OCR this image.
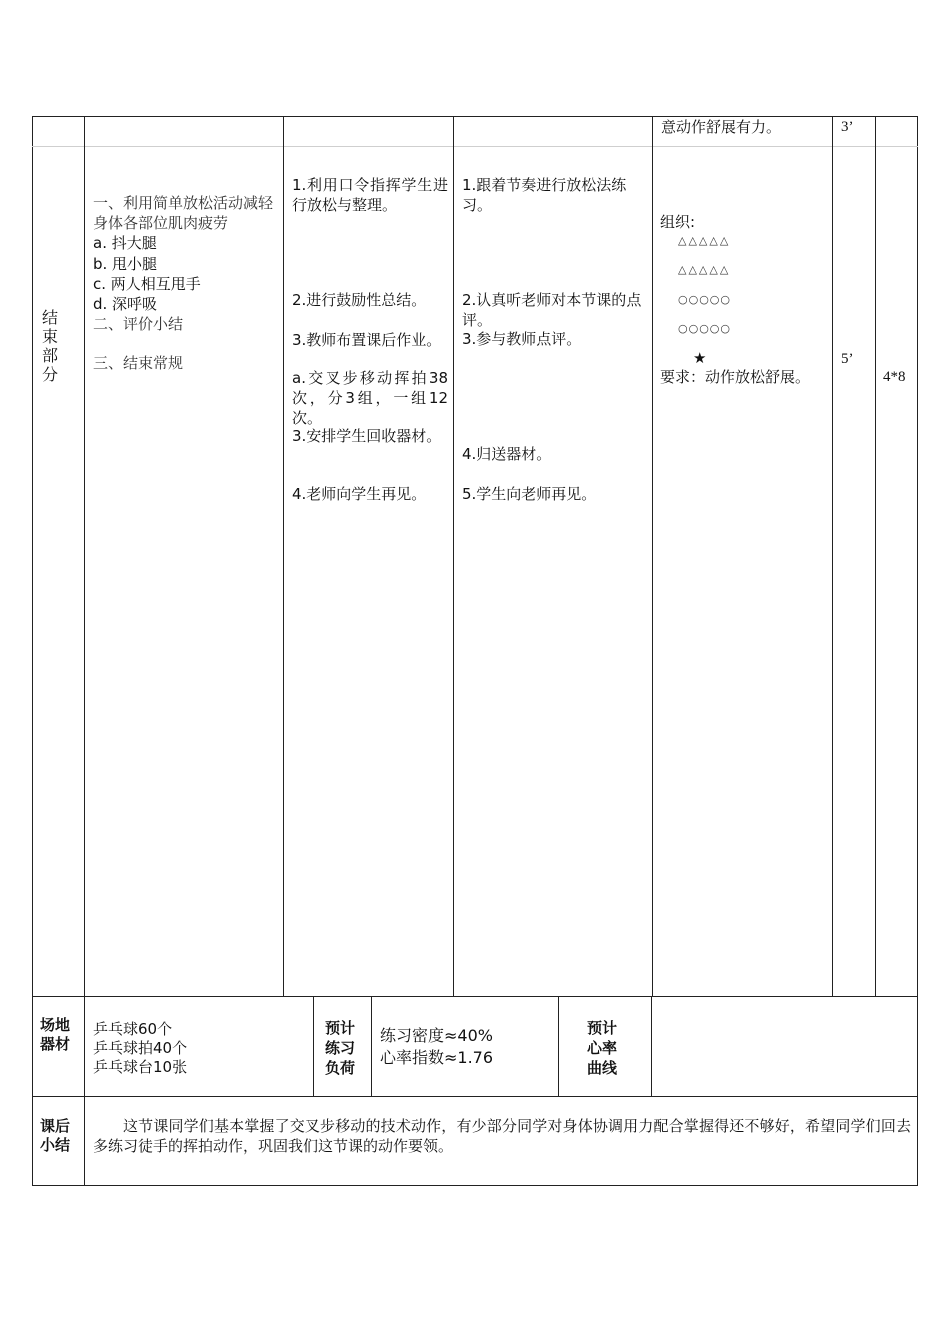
意动作舒展有力。	3’
结束部分
一、利用简单放松活动减轻身体各部位肌肉疲劳
a. 抖大腿
b. 甩小腿
c. 两人相互甩手
d. 深呼吸
二、评价小结
三、结束常规
1.利用口令指挥学生进行放松与整理。
2.进行鼓励性总结。
3.教师布置课后作业。
a.交叉步移动挥拍38次，分3组，一组12次。
3.安排学生回收器材。
4.老师向学生再见。
1.跟着节奏进行放松法练习。
2.认真听老师对本节课的点评。
3.参与教师点评。
4.归送器材。
5.学生向老师再见。
组织:
△△△△△
△△△△△
○○○○○
○○○○○
★
要求：动作放松舒展。
5’
4*8
场地器材
乒乓球60个
乒乓球拍40个
乒乓球台10张
预计练习负荷
练习密度≈40%
心率指数≈1.76
预计心率曲线
课后小结
这节课同学们基本掌握了交叉步移动的技术动作，有少部分同学对身体协调用力配合掌握得还不够好，希望同学们回去多练习徒手的挥拍动作，巩固我们这节课的动作要领。
